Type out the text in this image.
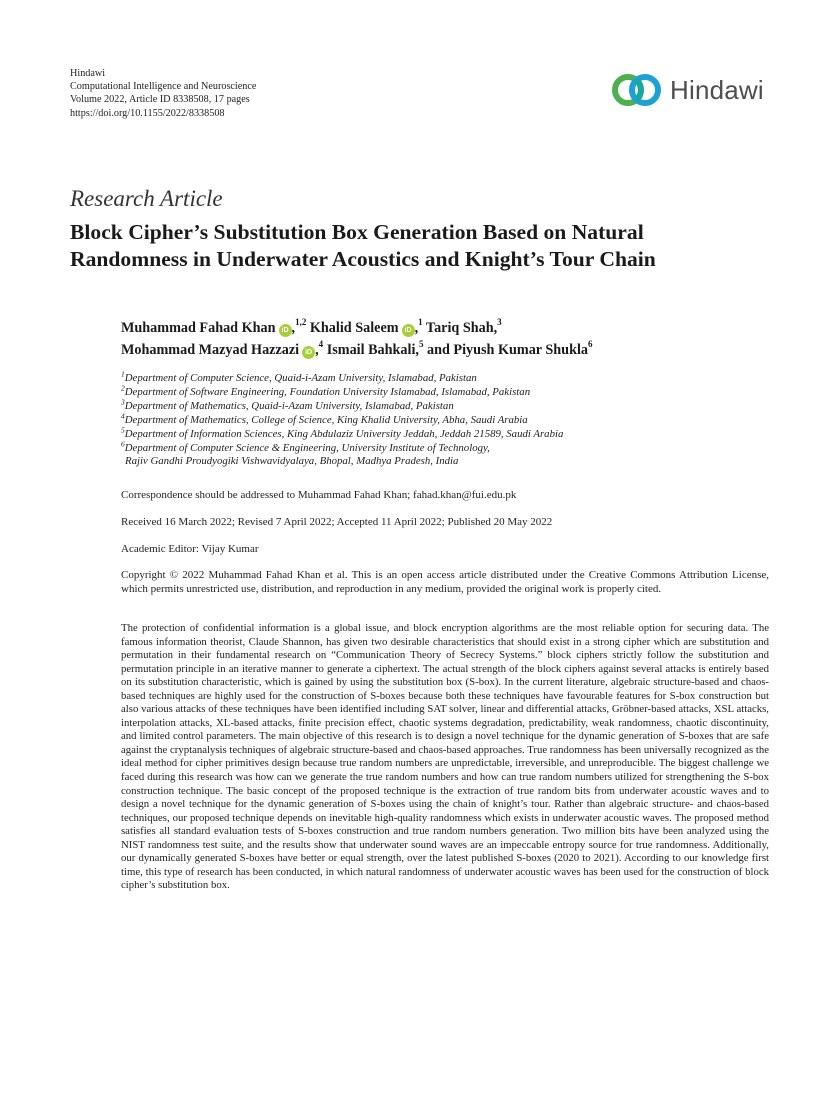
Hindawi
Computational Intelligence and Neuroscience
Volume 2022, Article ID 8338508, 17 pages
https://doi.org/10.1155/2022/8338508
Hindawi
Research Article
Block Cipher’s Substitution Box Generation Based on Natural
Randomness in Underwater Acoustics and Knight’s Tour Chain
Muhammad Fahad Khan iD ,$^{1,2}$ Khalid Saleem iD ,$^1$ Tariq Shah,$^3$
Mohammad Mazyad Hazzazi iD ,$^4$ Ismail Bahkali,$^5$ and Piyush Kumar Shukla$^6$
$^1$Department of Computer Science, Quaid-i-Azam University, Islamabad, Pakistan
$^2$Department of Software Engineering, Foundation University Islamabad, Islamabad, Pakistan
$^3$Department of Mathematics, Quaid-i-Azam University, Islamabad, Pakistan
$^4$Department of Mathematics, College of Science, King Khalid University, Abha, Saudi Arabia
$^5$Department of Information Sciences, King Abdulaziz University Jeddah, Jeddah 21589, Saudi Arabia
$^6$Department of Computer Science & Engineering, University Institute of Technology,
Rajiv Gandhi Proudyogiki Vishwavidyalaya, Bhopal, Madhya Pradesh, India
Correspondence should be addressed to Muhammad Fahad Khan; fahad.khan@fui.edu.pk
Received 16 March 2022; Revised 7 April 2022; Accepted 11 April 2022; Published 20 May 2022
Academic Editor: Vijay Kumar
Copyright © 2022 Muhammad Fahad Khan et al. This is an open access article distributed under the Creative Commons Attribution License, which permits unrestricted use, distribution, and reproduction in any medium, provided the original work is properly cited.
The protection of confidential information is a global issue, and block encryption algorithms are the most reliable option for securing data. The famous information theorist, Claude Shannon, has given two desirable characteristics that should exist in a strong cipher which are substitution and permutation in their fundamental research on “Communication Theory of Secrecy Systems.” block ciphers strictly follow the substitution and permutation principle in an iterative manner to generate a ciphertext. The actual strength of the block ciphers against several attacks is entirely based on its substitution characteristic, which is gained by using the substitution box (S-box). In the current literature, algebraic structure-based and chaos-based techniques are highly used for the construction of S-boxes because both these techniques have favourable features for S-box construction but also various attacks of these techniques have been identified including SAT solver, linear and differential attacks, Gröbner-based attacks, XSL attacks, interpolation attacks, XL-based attacks, finite precision effect, chaotic systems degradation, predictability, weak randomness, chaotic discontinuity, and limited control parameters. The main objective of this research is to design a novel technique for the dynamic generation of S-boxes that are safe against the cryptanalysis techniques of algebraic structure-based and chaos-based approaches. True randomness has been universally recognized as the ideal method for cipher primitives design because true random numbers are unpredictable, irreversible, and unreproducible. The biggest challenge we faced during this research was how can we generate the true random numbers and how can true random numbers utilized for strengthening the S-box construction technique. The basic concept of the proposed technique is the extraction of true random bits from underwater acoustic waves and to design a novel technique for the dynamic generation of S-boxes using the chain of knight’s tour. Rather than algebraic structure- and chaos-based techniques, our proposed technique depends on inevitable high-quality randomness which exists in underwater acoustic waves. The proposed method satisfies all standard evaluation tests of S-boxes construction and true random numbers generation. Two million bits have been analyzed using the NIST randomness test suite, and the results show that underwater sound waves are an impeccable entropy source for true randomness. Additionally, our dynamically generated S-boxes have better or equal strength, over the latest published S-boxes (2020 to 2021). According to our knowledge first time, this type of research has been conducted, in which natural randomness of underwater acoustic waves has been used for the construction of block cipher’s substitution box.
